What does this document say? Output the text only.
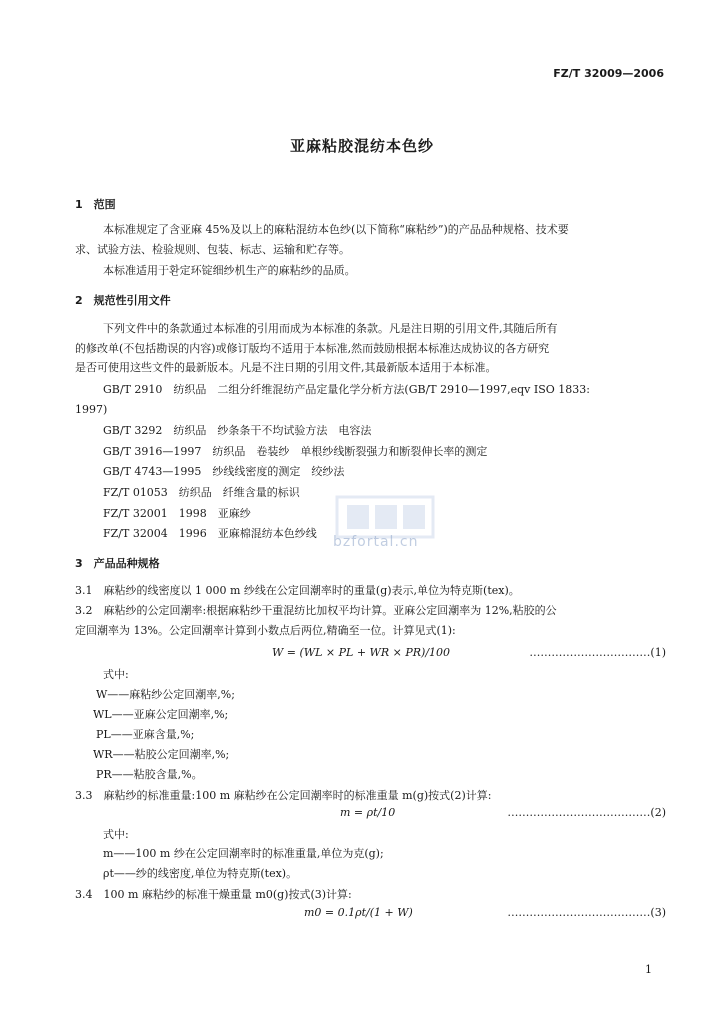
FZ/T 32009—2006
亚麻粘胶混纺本色纱
1　范围
本标准规定了含亚麻 45%及以上的麻粘混纺本色纱(以下简称“麻粘纱”)的产品品种规格、技术要
求、试验方法、检验规则、包装、标志、运输和贮存等。
本标准适用于환定环锭细纱机生产的麻粘纱的品质。
2　规范性引用文件
下列文件中的条款通过本标准的引用而成为本标准的条款。凡是注日期的引用文件,其随后所有
的修改单(不包括勘误的内容)或修订版均不适用于本标准,然而鼓励根据本标准达成协议的各方研究
是否可使用这些文件的最新版本。凡是不注日期的引用文件,其最新版本适用于本标准。
GB/T 2910　纺织品　二组分纤维混纺产品定量化学分析方法(GB/T 2910—1997,eqv ISO 1833:
1997)
GB/T 3292　纺织品　纱条条干不均试验方法　电容法
GB/T 3916—1997　纺织品　卷装纱　单根纱线断裂强力和断裂伸长率的测定
GB/T 4743—1995　纱线线密度的测定　绞纱法
FZ/T 01053　纺织品　纤维含量的标识
FZ/T 32001　1998　亚麻纱
FZ/T 32004　1996　亚麻棉混纺本色纱线
3　产品品种规格
3.1　麻粘纱的线密度以 1 000 m 纱线在公定回潮率时的重量(g)表示,单位为特克斯(tex)。
3.2　麻粘纱的公定回潮率:根据麻粘纱干重混纺比加权平均计算。亚麻公定回潮率为 12%,粘胶的公
定回潮率为 13%。公定回潮率计算到小数点后两位,精确至一位。计算见式(1):
式中:
W——麻粘纱公定回潮率,%;
WL——亚麻公定回潮率,%;
PL——亚麻含量,%;
WR——粘胶公定回潮率,%;
PR——粘胶含量,%。
3.3　麻粘纱的标准重量:100 m 麻粘纱在公定回潮率时的标准重量 m(g)按式(2)计算:
式中:
m——100 m 纱在公定回潮率时的标准重量,单位为克(g);
ρt——纱的线密度,单位为特克斯(tex)。
3.4　100 m 麻粘纱的标准干燥重量 m0(g)按式(3)计算:
W = (WL × PL + WR × PR)/100	……………………………(1)
m = ρt/10	…………………………………(2)
m0 = 0.1ρt/(1 + W)	…………………………………(3)
bzfortal.cn
1
